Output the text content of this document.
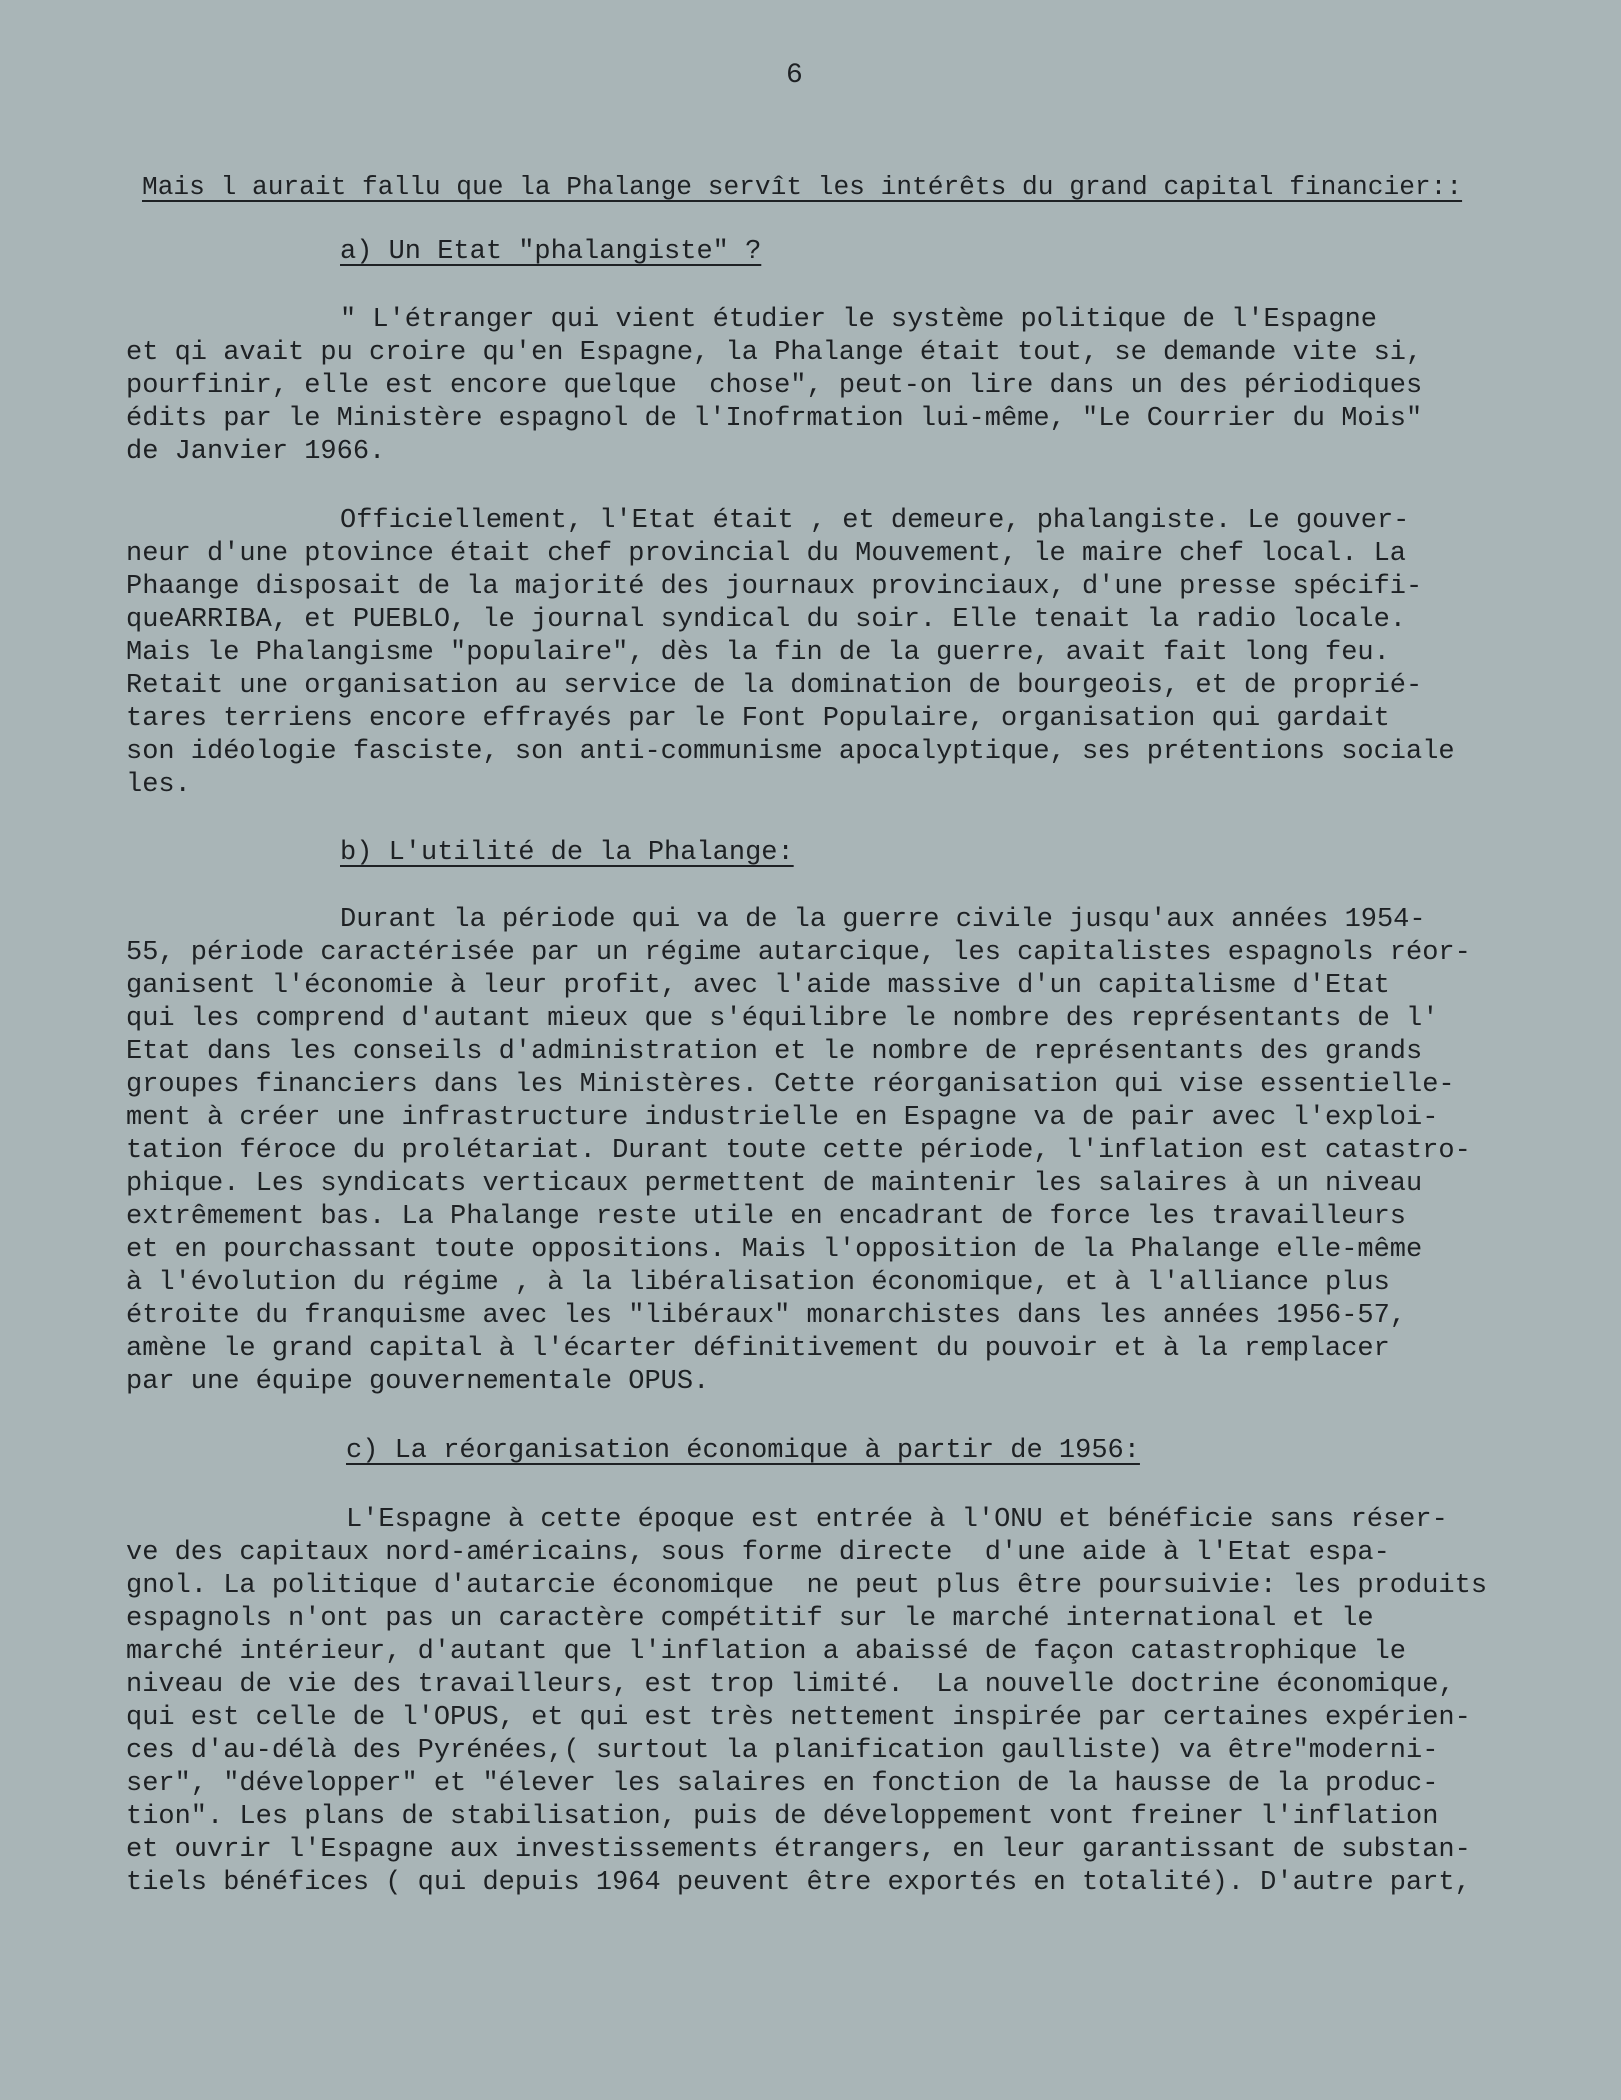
6
Mais l aurait fallu que la Phalange servît les intérêts du grand capital financier::
a) Un Etat "phalangiste" ?
" L'étranger qui vient étudier le système politique de l'Espagne
et qi avait pu croire qu'en Espagne, la Phalange était tout, se demande vite si,
pourfinir, elle est encore quelque  chose", peut-on lire dans un des périodiques
édits par le Ministère espagnol de l'Inofrmation lui-même, "Le Courrier du Mois"
de Janvier 1966.
Officiellement, l'Etat était , et demeure, phalangiste. Le gouver-
neur d'une ptovince était chef provincial du Mouvement, le maire chef local. La
Phaange disposait de la majorité des journaux provinciaux, d'une presse spécifi-
queARRIBA, et PUEBLO, le journal syndical du soir. Elle tenait la radio locale.
Mais le Phalangisme "populaire", dès la fin de la guerre, avait fait long feu.
Retait une organisation au service de la domination de bourgeois, et de proprié-
tares terriens encore effrayés par le Font Populaire, organisation qui gardait
son idéologie fasciste, son anti-communisme apocalyptique, ses prétentions sociale
les.
b) L'utilité de la Phalange:
Durant la période qui va de la guerre civile jusqu'aux années 1954-
55, période caractérisée par un régime autarcique, les capitalistes espagnols réor-
ganisent l'économie à leur profit, avec l'aide massive d'un capitalisme d'Etat
qui les comprend d'autant mieux que s'équilibre le nombre des représentants de l'
Etat dans les conseils d'administration et le nombre de représentants des grands
groupes financiers dans les Ministères. Cette réorganisation qui vise essentielle-
ment à créer une infrastructure industrielle en Espagne va de pair avec l'exploi-
tation féroce du prolétariat. Durant toute cette période, l'inflation est catastro-
phique. Les syndicats verticaux permettent de maintenir les salaires à un niveau
extrêmement bas. La Phalange reste utile en encadrant de force les travailleurs
et en pourchassant toute oppositions. Mais l'opposition de la Phalange elle-même
à l'évolution du régime , à la libéralisation économique, et à l'alliance plus
étroite du franquisme avec les "libéraux" monarchistes dans les années 1956-57,
amène le grand capital à l'écarter définitivement du pouvoir et à la remplacer
par une équipe gouvernementale OPUS.
c) La réorganisation économique à partir de 1956:
L'Espagne à cette époque est entrée à l'ONU et bénéficie sans réser-
ve des capitaux nord-américains, sous forme directe  d'une aide à l'Etat espa-
gnol. La politique d'autarcie économique  ne peut plus être poursuivie: les produits
espagnols n'ont pas un caractère compétitif sur le marché international et le
marché intérieur, d'autant que l'inflation a abaissé de façon catastrophique le
niveau de vie des travailleurs, est trop limité.  La nouvelle doctrine économique,
qui est celle de l'OPUS, et qui est très nettement inspirée par certaines expérien-
ces d'au-délà des Pyrénées,( surtout la planification gaulliste) va être"moderni-
ser", "développer" et "élever les salaires en fonction de la hausse de la produc-
tion". Les plans de stabilisation, puis de développement vont freiner l'inflation
et ouvrir l'Espagne aux investissements étrangers, en leur garantissant de substan-
tiels bénéfices ( qui depuis 1964 peuvent être exportés en totalité). D'autre part,
